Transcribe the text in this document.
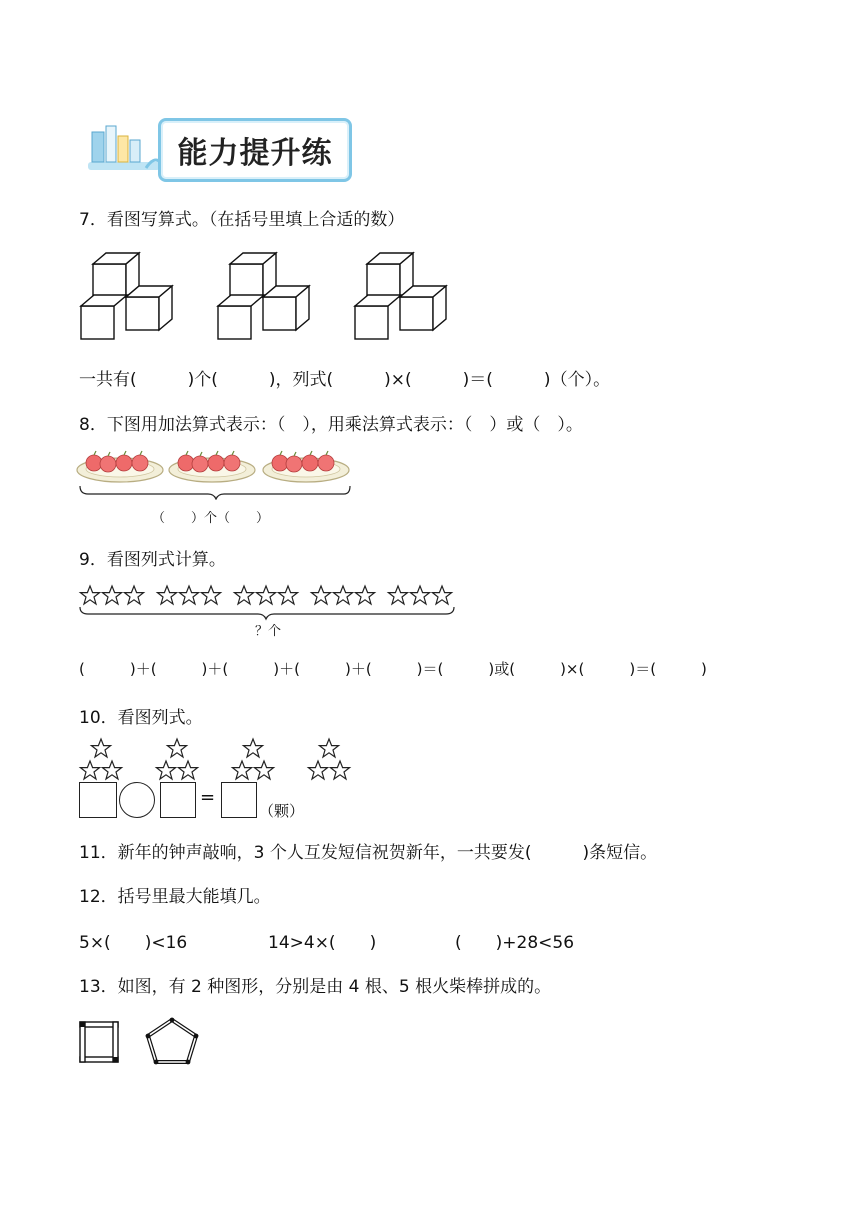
能力提升练
7．看图写算式。（在括号里填上合适的数）
一共有(　　　)个(　　　)，列式(　　　)×(　　　)＝(　　　)（个）。
8．下图用加法算式表示：（　），用乘法算式表示：（　）或（　）。
（　　）个（　　）
9．看图列式计算。
？个
(　　　)＋(　　　)＋(　　　)＋(　　　)＋(　　　)＝(　　　)或(　　　)×(　　　)＝(　　　)
10．看图列式。
=
（颗）
11．新年的钟声敲响，3 个人互发短信祝贺新年，一共要发(　　　)条短信。
12．括号里最大能填几。
5×(　　)<16	14>4×(　　)	(　　)+28<56
13．如图，有 2 种图形，分别是由 4 根、5 根火柴棒拼成的。
